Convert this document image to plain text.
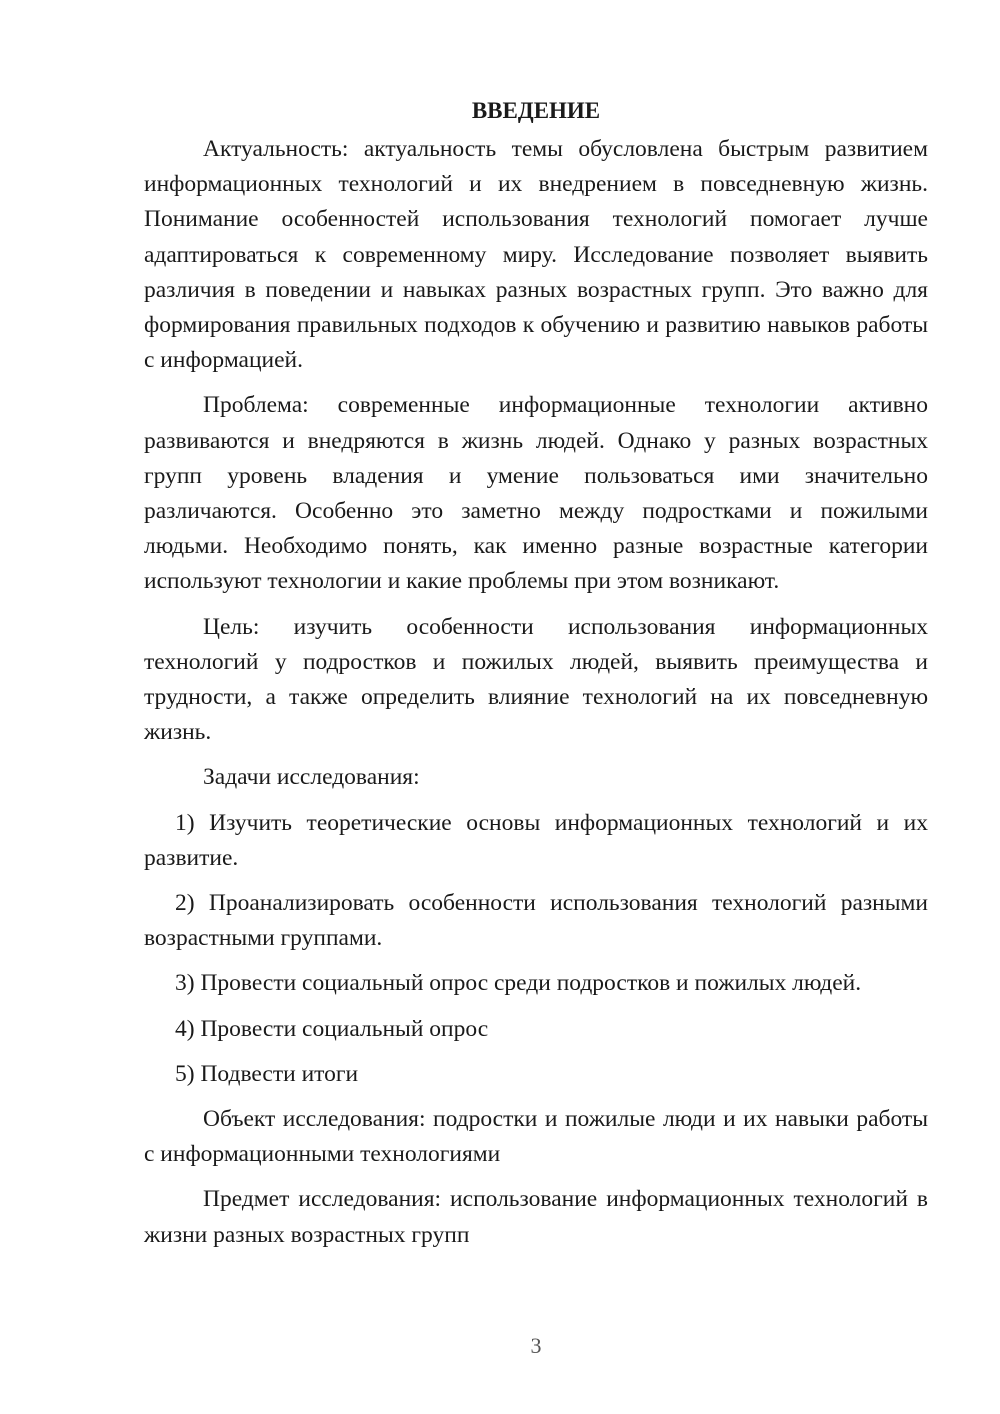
ВВЕДЕНИЕ

Актуальность: актуальность темы обусловлена быстрым развитием информационных технологий и их внедрением в повседневную жизнь. Понимание особенностей использования технологий помогает лучше адаптироваться к современному миру. Исследование позволяет выявить различия в поведении и навыках разных возрастных групп. Это важно для формирования правильных подходов к обучению и развитию навыков работы с информацией.

Проблема: современные информационные технологии активно развиваются и внедряются в жизнь людей. Однако у разных возрастных групп уровень владения и умение пользоваться ими значительно различаются. Особенно это заметно между подростками и пожилыми людьми. Необходимо понять, как именно разные возрастные категории используют технологии и какие проблемы при этом возникают.

Цель: изучить особенности использования информационных технологий у подростков и пожилых людей, выявить преимущества и трудности, а также определить влияние технологий на их повседневную жизнь.

Задачи исследования:

1) Изучить теоретические основы информационных технологий и их развитие.

2) Проанализировать особенности использования технологий разными возрастными группами.

3) Провести социальный опрос среди подростков и пожилых людей.

4) Провести социальный опрос

5) Подвести итоги

Объект исследования: подростки и пожилые люди и их навыки работы с информационными технологиями

Предмет исследования: использование информационных технологий в жизни разных возрастных групп

3
